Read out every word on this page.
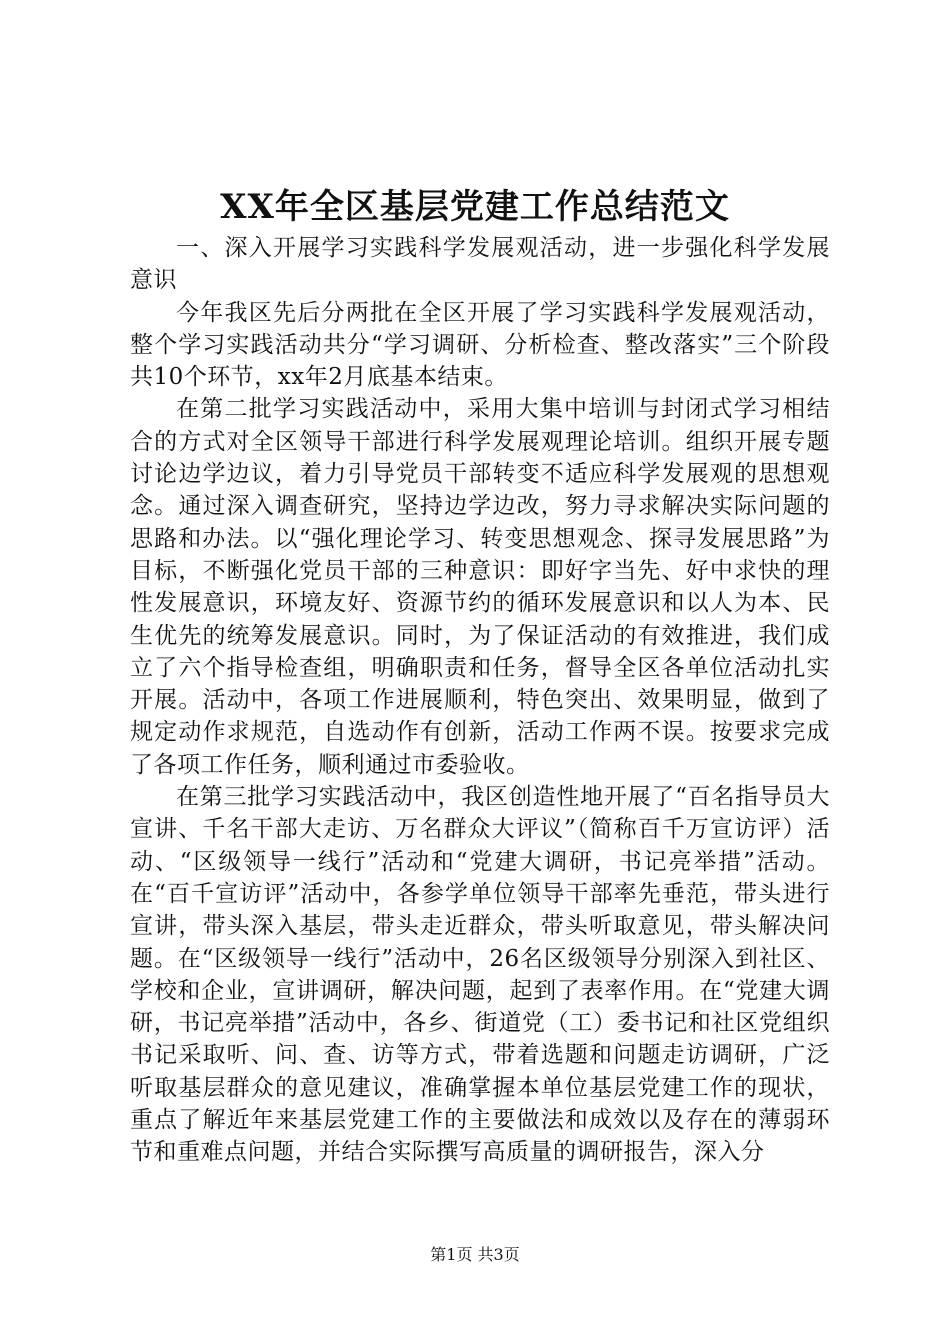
XX年全区基层党建工作总结范文

一、深入开展学习实践科学发展观活动，进一步强化科学发展意识

今年我区先后分两批在全区开展了学习实践科学发展观活动，整个学习实践活动共分“学习调研、分析检查、整改落实”三个阶段共10个环节，xx年2月底基本结束。

在第二批学习实践活动中，采用大集中培训与封闭式学习相结合的方式对全区领导干部进行科学发展观理论培训。组织开展专题讨论边学边议，着力引导党员干部转变不适应科学发展观的思想观念。通过深入调查研究，坚持边学边改，努力寻求解决实际问题的思路和办法。以“强化理论学习、转变思想观念、探寻发展思路”为目标，不断强化党员干部的三种意识：即好字当先、好中求快的理性发展意识，环境友好、资源节约的循环发展意识和以人为本、民生优先的统筹发展意识。同时，为了保证活动的有效推进，我们成立了六个指导检查组，明确职责和任务，督导全区各单位活动扎实开展。活动中，各项工作进展顺利，特色突出、效果明显，做到了规定动作求规范，自选动作有创新，活动工作两不误。按要求完成了各项工作任务，顺利通过市委验收。

在第三批学习实践活动中，我区创造性地开展了“百名指导员大宣讲、千名干部大走访、万名群众大评议”（简称百千万宣访评）活动、“区级领导一线行”活动和“党建大调研，书记亮举措”活动。在“百千宣访评”活动中，各参学单位领导干部率先垂范，带头进行宣讲，带头深入基层，带头走近群众，带头听取意见，带头解决问题。在“区级领导一线行”活动中，26名区级领导分别深入到社区、学校和企业，宣讲调研，解决问题，起到了表率作用。在“党建大调研，书记亮举措”活动中，各乡、街道党（工）委书记和社区党组织书记采取听、问、查、访等方式，带着选题和问题走访调研，广泛听取基层群众的意见建议，准确掌握本单位基层党建工作的现状，重点了解近年来基层党建工作的主要做法和成效以及存在的薄弱环节和重难点问题，并结合实际撰写高质量的调研报告，深入分

第1页 共3页
